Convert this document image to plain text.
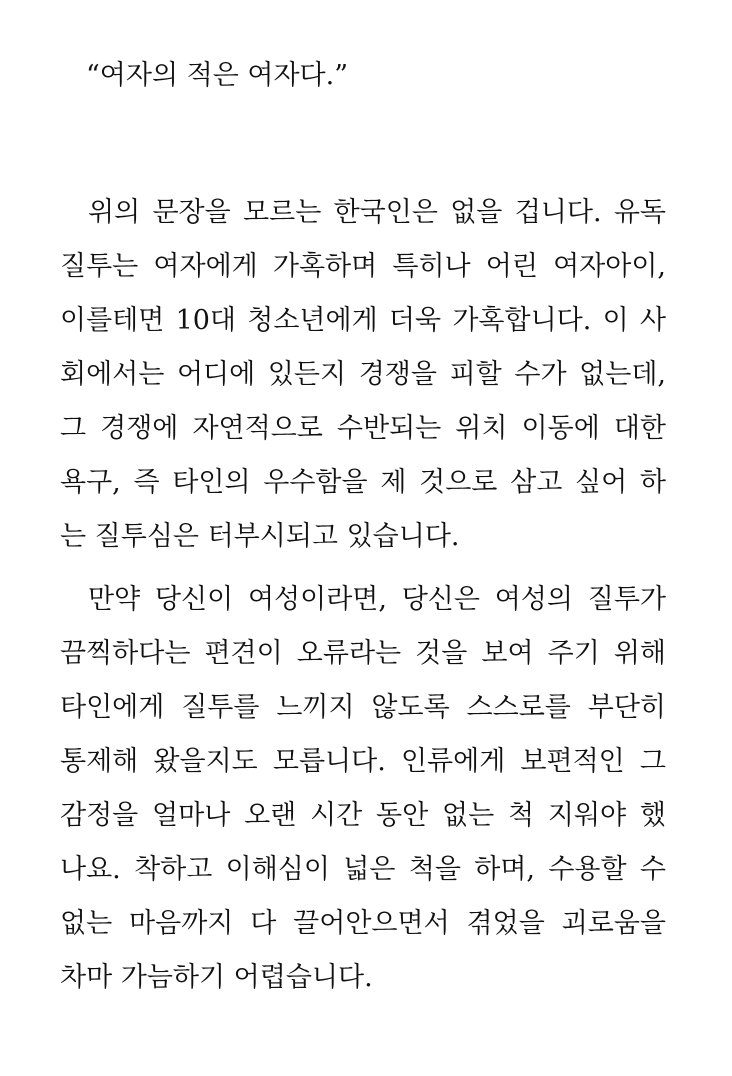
“여자의 적은 여자다.”
위의 문장을 모르는 한국인은 없을 겁니다. 유독
질투는 여자에게 가혹하며 특히나 어린 여자아이,
이를테면 10대 청소년에게 더욱 가혹합니다. 이 사
회에서는 어디에 있든지 경쟁을 피할 수가 없는데,
그 경쟁에 자연적으로 수반되는 위치 이동에 대한
욕구, 즉 타인의 우수함을 제 것으로 삼고 싶어 하
는 질투심은 터부시되고 있습니다.
만약 당신이 여성이라면, 당신은 여성의 질투가
끔찍하다는 편견이 오류라는 것을 보여 주기 위해
타인에게 질투를 느끼지 않도록 스스로를 부단히
통제해 왔을지도 모릅니다. 인류에게 보편적인 그
감정을 얼마나 오랜 시간 동안 없는 척 지워야 했
나요. 착하고 이해심이 넓은 척을 하며, 수용할 수
없는 마음까지 다 끌어안으면서 겪었을 괴로움을
차마 가늠하기 어렵습니다.
